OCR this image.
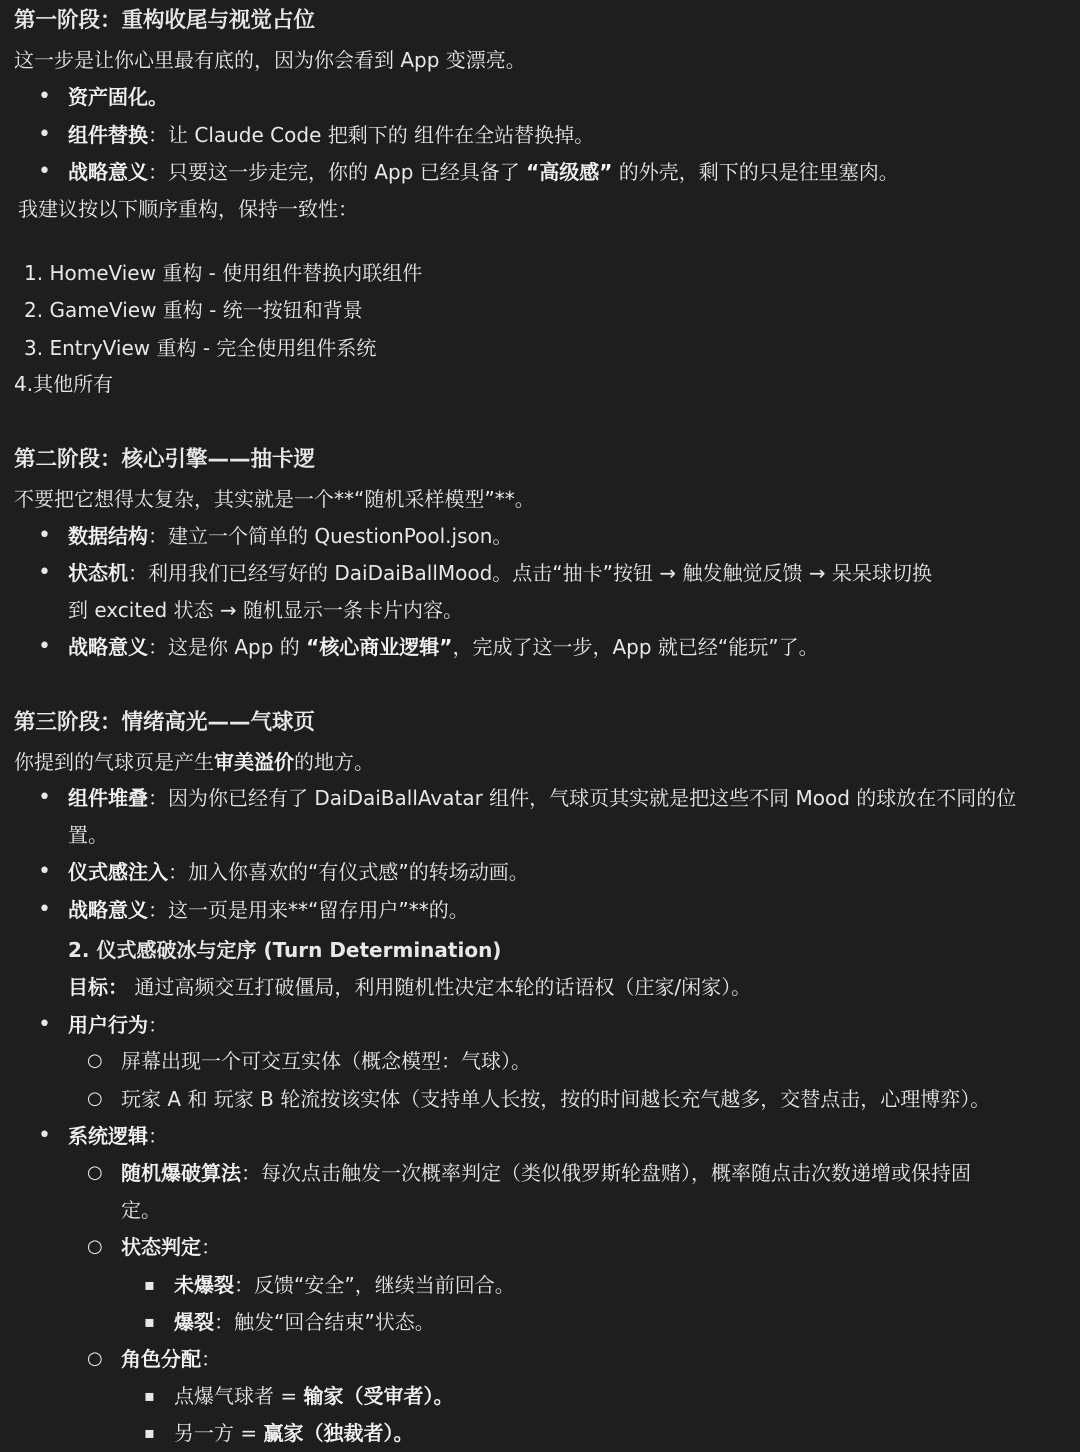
第一阶段：重构收尾与视觉占位
这一步是让你心里最有底的，因为你会看到 App 变漂亮。
• 资产固化。
• 组件替换：让 Claude Code 把剩下的 组件在全站替换掉。
• 战略意义：只要这一步走完，你的 App 已经具备了 “高级感” 的外壳，剩下的只是往里塞肉。
我建议按以下顺序重构，保持一致性：
1. HomeView 重构 - 使用组件替换内联组件
2. GameView 重构 - 统一按钮和背景
3. EntryView 重构 - 完全使用组件系统
4.其他所有
第二阶段：核心引擎——抽卡逻
不要把它想得太复杂，其实就是一个**“随机采样模型”**。
• 数据结构：建立一个简单的 QuestionPool.json。
• 状态机：利用我们已经写好的 DaiDaiBallMood。点击“抽卡”按钮 → 触发触觉反馈 → 呆呆球切换
到 excited 状态 → 随机显示一条卡片内容。
• 战略意义：这是你 App 的 “核心商业逻辑”，完成了这一步，App 就已经“能玩”了。
第三阶段：情绪高光——气球页
你提到的气球页是产生审美溢价的地方。
• 组件堆叠：因为你已经有了 DaiDaiBallAvatar 组件，气球页其实就是把这些不同 Mood 的球放在不同的位
置。
• 仪式感注入：加入你喜欢的“有仪式感”的转场动画。
• 战略意义：这一页是用来**“留存用户”**的。
2. 仪式感破冰与定序 (Turn Determination)
目标： 通过高频交互打破僵局，利用随机性决定本轮的话语权（庄家/闲家）。
• 用户行为：
○ 屏幕出现一个可交互实体（概念模型：气球）。
○ 玩家 A 和 玩家 B 轮流按该实体（支持单人长按，按的时间越长充气越多，交替点击，心理博弈）。
• 系统逻辑：
○ 随机爆破算法：每次点击触发一次概率判定（类似俄罗斯轮盘赌），概率随点击次数递增或保持固
定。
○ 状态判定：
▪ 未爆裂：反馈“安全”，继续当前回合。
▪ 爆裂：触发“回合结束”状态。
○ 角色分配：
▪ 点爆气球者 = 输家（受审者）。
▪ 另一方 = 赢家（独裁者）。
